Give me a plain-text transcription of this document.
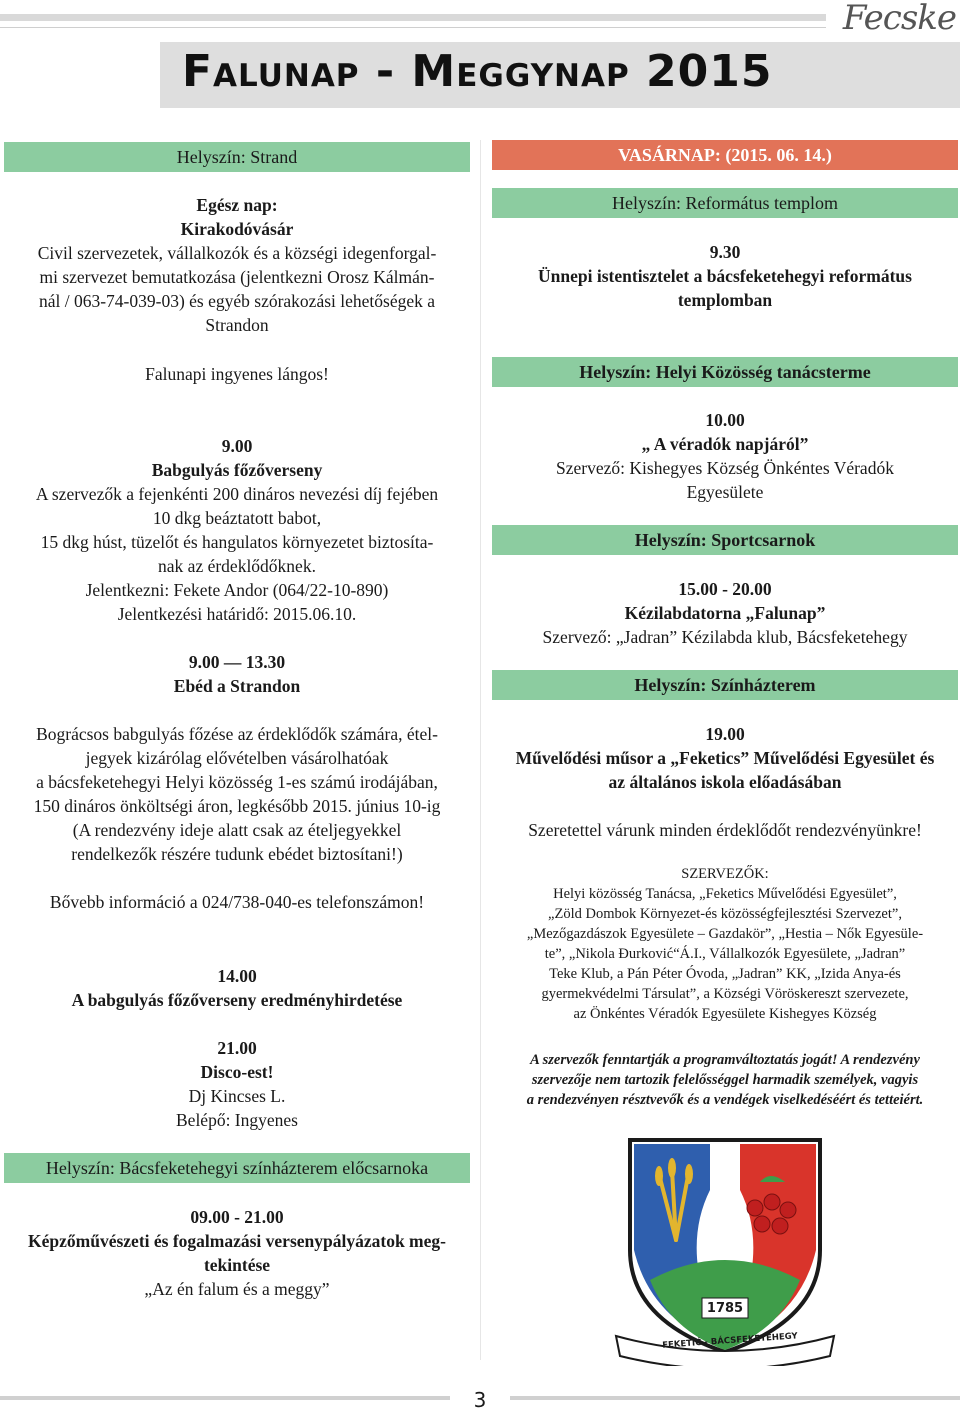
Fecske
Falunap - Meggynap 2015
Helyszín: Strand
Egész nap:
Kirakodóvásár
Civil szervezetek, vállalkozók és a községi idegenforgal-
mi szervezet bemutatkozása (jelentkezni Orosz Kálmán-
nál / 063-74-039-03) és egyéb szórakozási lehetőségek a
Strandon
Falunapi ingyenes lángos!
9.00
Babgulyás főzőverseny
A szervezők a fejenkénti 200 dináros nevezési díj fejében
10 dkg beáztatott babot,
15 dkg húst, tüzelőt és hangulatos környezetet biztosíta-
nak az érdeklődőknek.
Jelentkezni: Fekete Andor (064/22-10-890)
Jelentkezési határidő: 2015.06.10.
9.00 — 13.30
Ebéd a Strandon
Bográcsos babgulyás főzése az érdeklődők számára, étel-
jegyek kizárólag elővételben vásárolhatóak
a bácsfeketehegyi Helyi közösség 1-es számú irodájában,
150 dináros önköltségi áron, legkésőbb 2015. június 10-ig
(A rendezvény ideje alatt csak az ételjegyekkel
rendelkezők részére tudunk ebédet biztosítani!)
Bővebb információ a 024/738-040-es telefonszámon!
14.00
A babgulyás főzőverseny eredményhirdetése
21.00
Disco-est!
Dj Kincses L.
Belépő: Ingyenes
Helyszín: Bácsfeketehegyi színházterem előcsarnoka
09.00 - 21.00
Képzőművészeti és fogalmazási versenypályázatok meg-
tekintése
„Az én falum és a meggy”
VASÁRNAP: (2015. 06. 14.)
Helyszín: Református templom
9.30
Ünnepi istentisztelet a bácsfeketehegyi református
templomban
Helyszín: Helyi Közösség tanácsterme
10.00
„ A véradók napjáról”
Szervező: Kishegyes Község Önkéntes Véradók
Egyesülete
Helyszín: Sportcsarnok
15.00 - 20.00
Kézilabdatorna „Falunap”
Szervező: „Jadran” Kézilabda klub, Bácsfeketehegy
Helyszín: Színházterem
19.00
Művelődési műsor a „Feketics” Művelődési Egyesület és
az általános iskola előadásában
Szeretettel várunk minden érdeklődőt rendezvényünkre!
SZERVEZŐK:
Helyi közösség Tanácsa, „Feketics Művelődési Egyesület”,
„Zöld Dombok Környezet-és közösségfejlesztési Szervezet”,
„Mezőgazdászok Egyesülete – Gazdakör”, „Hestia – Nők Egyesüle-
te”, „Nikola Đurković“Á.I., Vállalkozók Egyesülete, „Jadran”
Teke Klub, a Pán Péter Óvoda, „Jadran” KK, „Izida Anya-és
gyermekvédelmi Társulat”, a Községi Vöröskereszt szervezete,
az Önkéntes Véradók Egyesülete Kishegyes Község
A szervezők fenntartják a programváltoztatás jogát! A rendezvény
szervezője nem tartozik felelősséggel harmadik személyek, vagyis
a rendezvényen résztvevők és a vendégek viselkedéséért és tetteiért.
1785
FEKETIĆ - BÁCSFEKETEHEGY
3
